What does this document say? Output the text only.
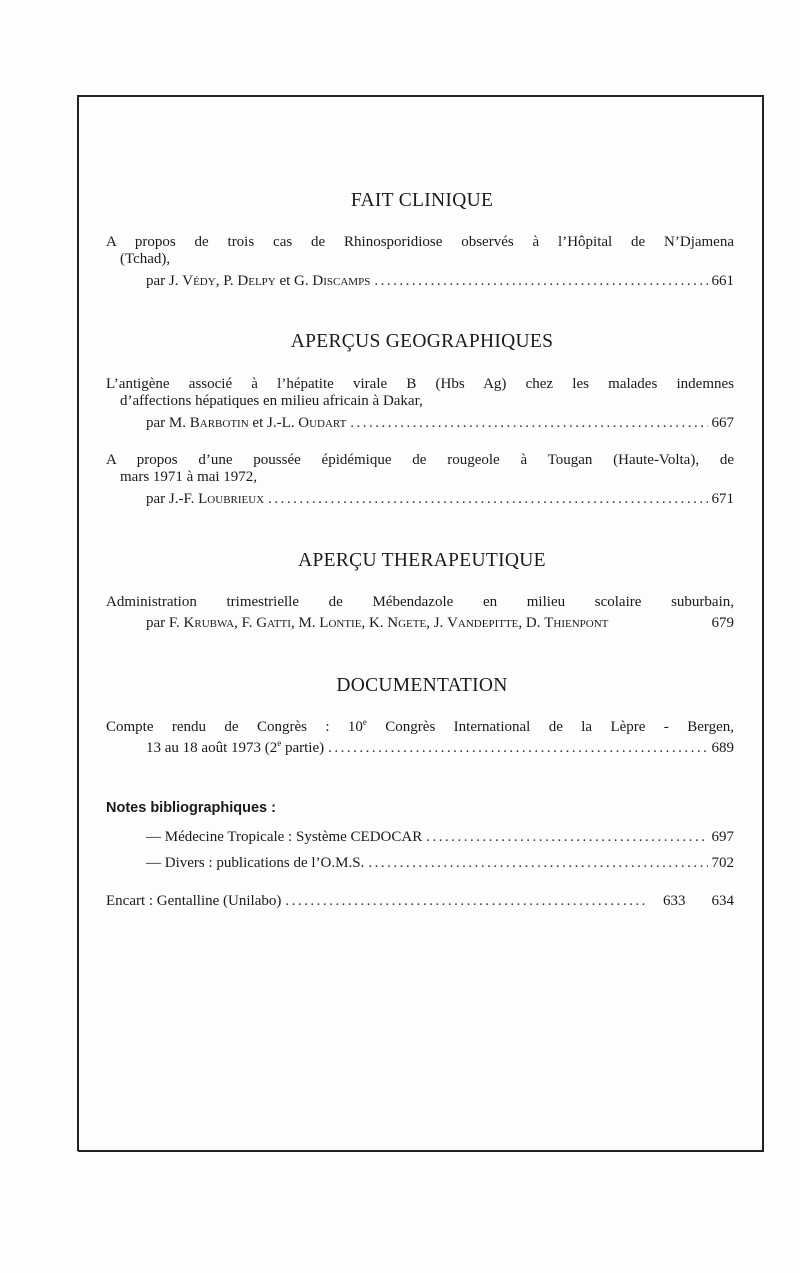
FAIT CLINIQUE
A propos de trois cas de Rhinosporidiose observés à l’Hôpital de N’Djamena
(Tchad),
par J. Védy, P. Delpy et G. Discamps .....	661
APERÇUS GEOGRAPHIQUES
L’antigène associé à l’hépatite virale B (Hbs Ag) chez les malades indemnes
d’affections hépatiques en milieu africain à Dakar,
par M. Barbotin et J.-L. Oudart .....	667
A propos d’une poussée épidémique de rougeole à Tougan (Haute-Volta), de
mars 1971 à mai 1972,
par J.-F. Loubrieux .....	671
APERÇU THERAPEUTIQUE
Administration trimestrielle de Mébendazole en milieu scolaire suburbain,
par F. Krubwa, F. Gatti, M. Lontie, K. Ngete, J. Vandepitte, D. Thienpont	679
DOCUMENTATION
Compte rendu de Congrès : 10e Congrès International de la Lèpre - Bergen,
13 au 18 août 1973 (2e partie) .....	689
Notes bibliographiques :
— Médecine Tropicale : Système CEDOCAR .....	697
— Divers : publications de l’O.M.S. .....	702
Encart : Gentalline (Unilabo) .....	633 634
